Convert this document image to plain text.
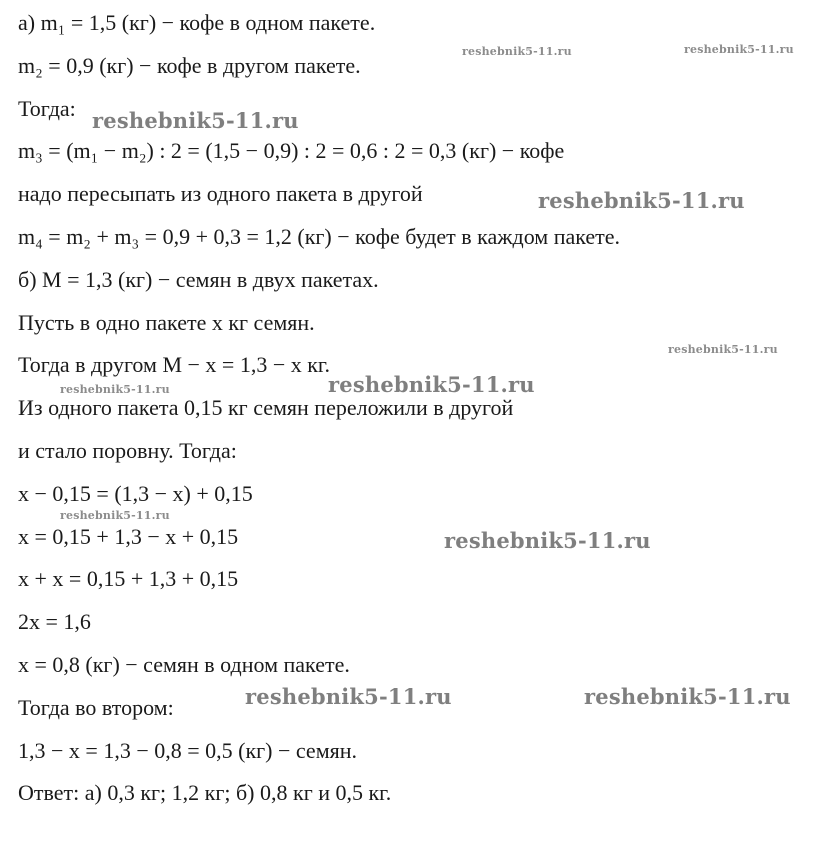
а) m₁ = 1,5 (кг) − кофе в одном пакете.
m₂ = 0,9 (кг) − кофе в другом пакете.
Тогда:
m₃ = (m₁ − m₂) : 2 = (1,5 − 0,9) : 2 = 0,6 : 2 = 0,3 (кг) − кофе
надо пересыпать из одного пакета в другой
m₄ = m₂ + m₃ = 0,9 + 0,3 = 1,2 (кг) − кофе будет в каждом пакете.
б) M = 1,3 (кг) − семян в двух пакетах.
Пусть в одно пакете x кг семян.
Тогда в другом M − x = 1,3 − x кг.
Из одного пакета 0,15 кг семян переложили в другой
и стало поровну. Тогда:
x − 0,15 = (1,3 − x) + 0,15
x = 0,15 + 1,3 − x + 0,15
x + x = 0,15 + 1,3 + 0,15
2x = 1,6
x = 0,8 (кг) − семян в одном пакете.
Тогда во втором:
1,3 − x = 1,3 − 0,8 = 0,5 (кг) − семян.
Ответ: а) 0,3 кг; 1,2 кг; б) 0,8 кг и 0,5 кг.
reshebnik5-11.ru	reshebnik5-11.ru
reshebnik5-11.ru
reshebnik5-11.ru
reshebnik5-11.ru
reshebnik5-11.ru	reshebnik5-11.ru
reshebnik5-11.ru
reshebnik5-11.ru
reshebnik5-11.ru	reshebnik5-11.ru
